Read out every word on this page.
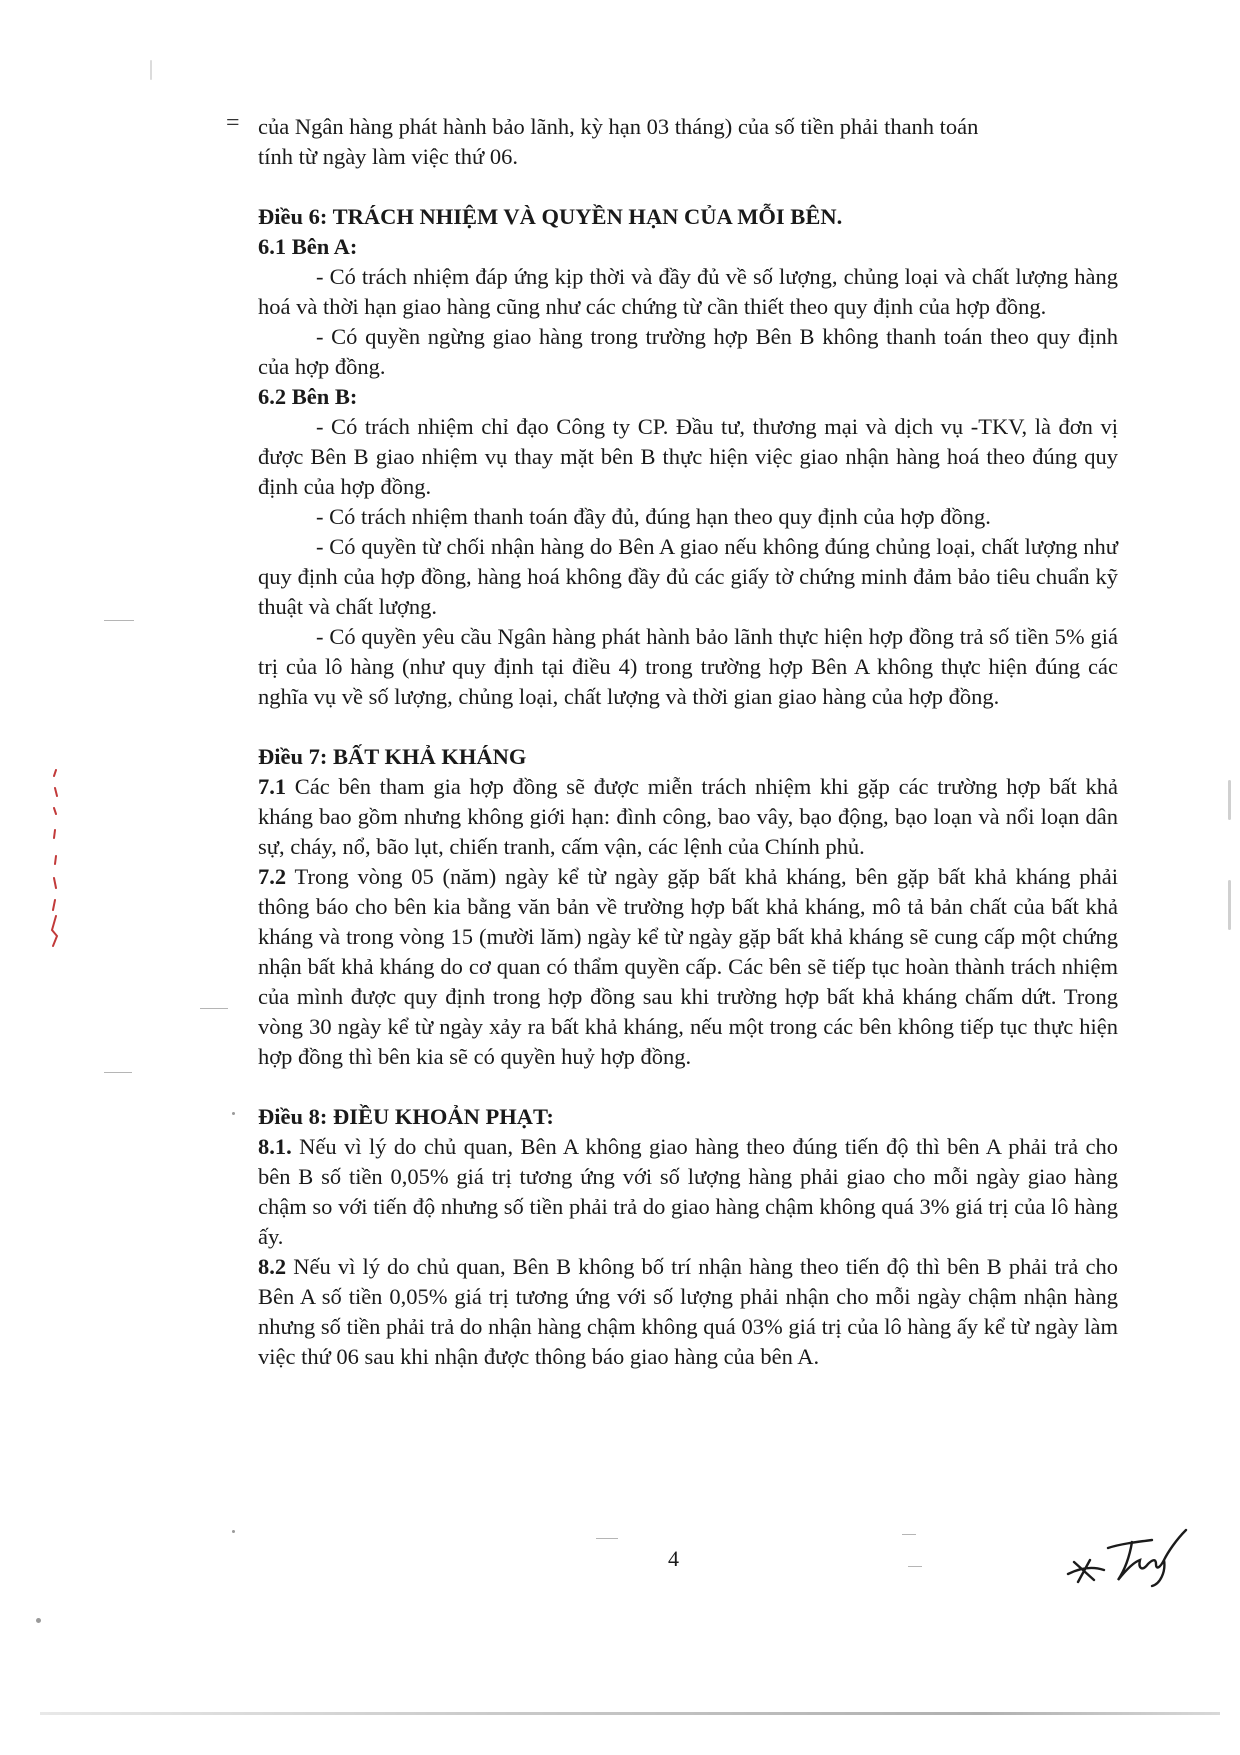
= của Ngân hàng phát hành bảo lãnh, kỳ hạn 03 tháng) của số tiền phải thanh toán

tính từ ngày làm việc thứ 06.

Điều 6: TRÁCH NHIỆM VÀ QUYỀN HẠN CỦA MỖI BÊN.

6.1 Bên A:

- Có trách nhiệm đáp ứng kịp thời và đầy đủ về số lượng, chủng loại và chất lượng hàng hoá và thời hạn giao hàng cũng như các chứng từ cần thiết theo quy định của hợp đồng.

- Có quyền ngừng giao hàng trong trường hợp Bên B không thanh toán theo quy định của hợp đồng.

6.2 Bên B:

- Có trách nhiệm chỉ đạo Công ty CP. Đầu tư, thương mại và dịch vụ -TKV, là đơn vị được Bên B giao nhiệm vụ thay mặt bên B thực hiện việc giao nhận hàng hoá theo đúng quy định của hợp đồng.

- Có trách nhiệm thanh toán đầy đủ, đúng hạn theo quy định của hợp đồng.

- Có quyền từ chối nhận hàng do Bên A giao nếu không đúng chủng loại, chất lượng như quy định của hợp đồng, hàng hoá không đầy đủ các giấy tờ chứng minh đảm bảo tiêu chuẩn kỹ thuật và chất lượng.

- Có quyền yêu cầu Ngân hàng phát hành bảo lãnh thực hiện hợp đồng trả số tiền 5% giá trị của lô hàng (như quy định tại điều 4) trong trường hợp Bên A không thực hiện đúng các nghĩa vụ về số lượng, chủng loại, chất lượng và thời gian giao hàng của hợp đồng.

Điều 7: BẤT KHẢ KHÁNG

7.1 Các bên tham gia hợp đồng sẽ được miễn trách nhiệm khi gặp các trường hợp bất khả kháng bao gồm nhưng không giới hạn: đình công, bao vây, bạo động, bạo loạn và nổi loạn dân sự, cháy, nổ, bão lụt, chiến tranh, cấm vận, các lệnh của Chính phủ.

7.2 Trong vòng 05 (năm) ngày kể từ ngày gặp bất khả kháng, bên gặp bất khả kháng phải thông báo cho bên kia bằng văn bản về trường hợp bất khả kháng, mô tả bản chất của bất khả kháng và trong vòng 15 (mười lăm) ngày kể từ ngày gặp bất khả kháng sẽ cung cấp một chứng nhận bất khả kháng do cơ quan có thẩm quyền cấp. Các bên sẽ tiếp tục hoàn thành trách nhiệm của mình được quy định trong hợp đồng sau khi trường hợp bất khả kháng chấm dứt. Trong vòng 30 ngày kể từ ngày xảy ra bất khả kháng, nếu một trong các bên không tiếp tục thực hiện hợp đồng thì bên kia sẽ có quyền huỷ hợp đồng.

Điều 8: ĐIỀU KHOẢN PHẠT:

8.1. Nếu vì lý do chủ quan, Bên A không giao hàng theo đúng tiến độ thì bên A phải trả cho bên B số tiền 0,05% giá trị tương ứng với số lượng hàng phải giao cho mỗi ngày giao hàng chậm so với tiến độ nhưng số tiền phải trả do giao hàng chậm không quá 3% giá trị của lô hàng ấy.

8.2 Nếu vì lý do chủ quan, Bên B không bố trí nhận hàng theo tiến độ thì bên B phải trả cho Bên A số tiền 0,05% giá trị tương ứng với số lượng phải nhận cho mỗi ngày chậm nhận hàng nhưng số tiền phải trả do nhận hàng chậm không quá 03% giá trị của lô hàng ấy kể từ ngày làm việc thứ 06 sau khi nhận được thông báo giao hàng của bên A.

4
